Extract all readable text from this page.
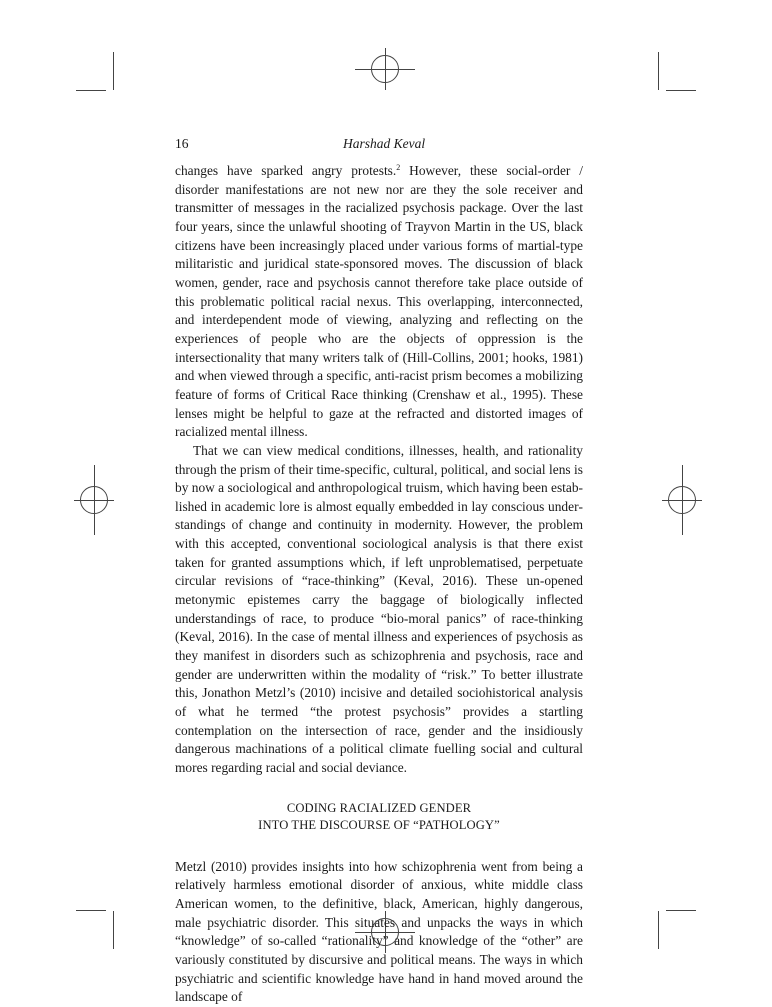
16	Harshad Keval

changes have sparked angry protests.$^2$ However, these social-order / disorder manifestations are not new nor are they the sole receiver and transmitter of messages in the racialized psychosis package. Over the last four years, since the unlawful shooting of Trayvon Martin in the US, black citizens have been increasingly placed under various forms of martial-type militaristic and juridical state-sponsored moves. The discussion of black women, gender, race and psychosis cannot therefore take place outside of this problematic political racial nexus. This overlapping, interconnected, and interdependent mode of viewing, analyzing and reflecting on the experiences of people who are the objects of oppression is the intersectionality that many writers talk of (Hill-Collins, 2001; hooks, 1981) and when viewed through a specific, anti-racist prism becomes a mobilizing feature of forms of Critical Race thinking (Crenshaw et al., 1995). These lenses might be helpful to gaze at the refracted and distorted images of racialized mental illness.

That we can view medical conditions, illnesses, health, and rationality through the prism of their time-specific, cultural, political, and social lens is by now a sociological and anthropological truism, which having been established in academic lore is almost equally embedded in lay conscious understandings of change and continuity in modernity. However, the problem with this accepted, conventional sociological analysis is that there exist taken for granted assumptions which, if left unproblematised, perpetuate circular revisions of “race-thinking” (Keval, 2016). These un-opened metonymic epistemes carry the baggage of biologically inflected understandings of race, to produce “bio-moral panics” of race-thinking (Keval, 2016). In the case of mental illness and experiences of psychosis as they manifest in disorders such as schizophrenia and psychosis, race and gender are underwritten within the modality of “risk.” To better illustrate this, Jonathon Metzl’s (2010) incisive and detailed sociohistorical analysis of what he termed “the protest psychosis” provides a startling contemplation on the intersection of race, gender and the insidiously dangerous machinations of a political climate fuelling social and cultural mores regarding racial and social deviance.

CODING RACIALIZED GENDER
INTO THE DISCOURSE OF “PATHOLOGY”

Metzl (2010) provides insights into how schizophrenia went from being a relatively harmless emotional disorder of anxious, white middle class American women, to the definitive, black, American, highly dangerous, male psychiatric disorder. This situates and unpacks the ways in which “knowledge” of so-called “rationality” and knowledge of the “other” are variously constituted by discursive and political means. The ways in which psychiatric and scientific knowledge have hand in hand moved around the landscape of
